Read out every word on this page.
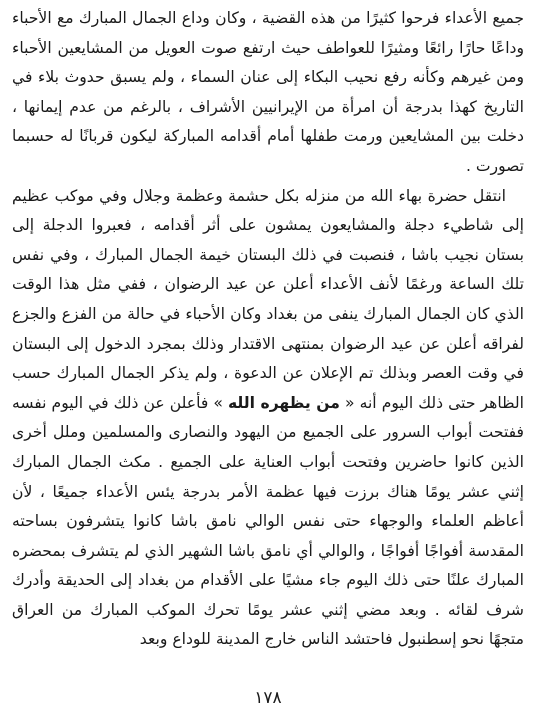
جميع الأعداء فرحوا كثيرًا من هذه القضية ، وكان وداع الجمال المبارك مع الأحباء وداعًا حارًا رائعًا ومثيرًا للعواطف حيث ارتفع صوت العويل من المشايعين الأحباء ومن غيرهم وكأنه رفع نحيب البكاء إلى عنان السماء ، ولم يسبق حدوث بلاء في التاريخ كهذا بدرجة أن امرأة من الإيرانيين الأشراف ، بالرغم من عدم إيمانها ، دخلت بين المشايعين ورمت طفلها أمام أقدامه المباركة ليكون قربانًا له حسبما تصورت .

انتقل حضرة بهاء الله من منزله بكل حشمة وعظمة وجلال وفي موكب عظيم إلى شاطيء دجلة والمشايعون يمشون على أثر أقدامه ، فعبروا الدجلة إلى بستان نجيب باشا ، فنصبت في ذلك البستان خيمة الجمال المبارك ، وفي نفس تلك الساعة ورغمًا لأنف الأعداء أعلن عن عيد الرضوان ، ففي مثل هذا الوقت الذي كان الجمال المبارك ينفى من بغداد وكان الأحباء في حالة من الفزع والجزع لفراقه أعلن عن عيد الرضوان بمنتهى الاقتدار وذلك بمجرد الدخول إلى البستان في وقت العصر وبذلك تم الإعلان عن الدعوة ، ولم يذكر الجمال المبارك حسب الظاهر حتى ذلك اليوم أنه « من يظهره الله » فأعلن عن ذلك في اليوم نفسه ففتحت أبواب السرور على الجميع من اليهود والنصارى والمسلمين وملل أخرى الذين كانوا حاضرين وفتحت أبواب العناية على الجميع . مكث الجمال المبارك إثني عشر يومًا هناك برزت فيها عظمة الأمر بدرجة يئس الأعداء جميعًا ، لأن أعاظم العلماء والوجهاء حتى نفس الوالي نامق باشا كانوا يتشرفون بساحته المقدسة أفواجًا أفواجًا ، والوالي أي نامق باشا الشهير الذي لم يتشرف بمحضره المبارك علنًا حتى ذلك اليوم جاء مشيًا على الأقدام من بغداد إلى الحديقة وأدرك شرف لقائه . وبعد مضي إثني عشر يومًا تحرك الموكب المبارك من العراق متجهًا نحو إسطنبول فاحتشد الناس خارج المدينة للوداع وبعد

١٧٨
